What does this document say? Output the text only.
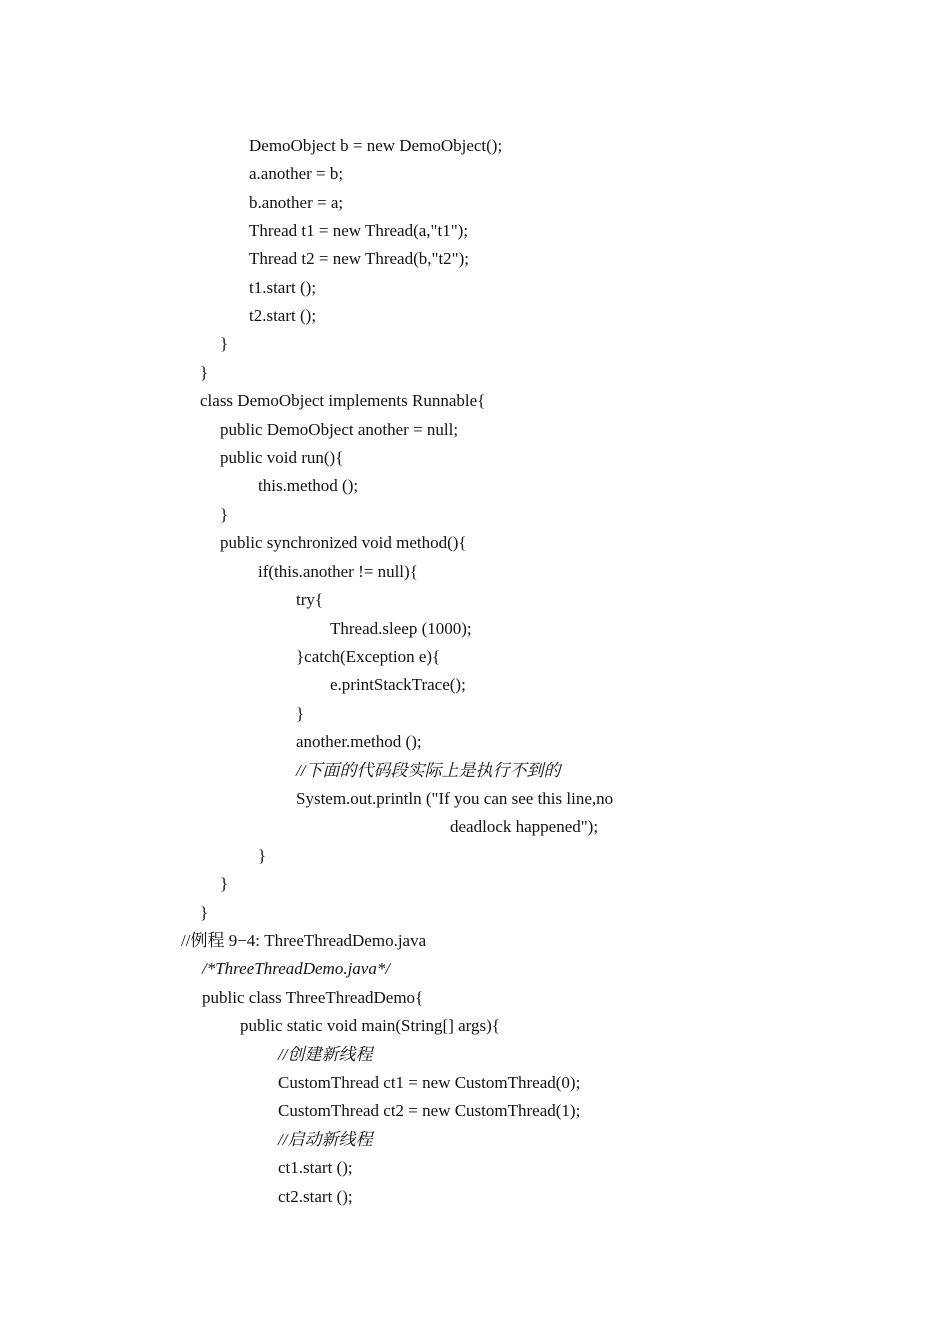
DemoObject b = new DemoObject();
a.another = b;
b.another = a;
Thread t1 = new Thread(a,"t1");
Thread t2 = new Thread(b,"t2");
t1.start ();
t2.start ();
}
}
class DemoObject implements Runnable{
public DemoObject another = null;
public void run(){
this.method ();
}
public synchronized void method(){
if(this.another != null){
try{
Thread.sleep (1000);
}catch(Exception e){
e.printStackTrace();
}
another.method ();
//下面的代码段实际上是执行不到的
System.out.println ("If you can see this line,no
deadlock happened");
}
}
}
//例程 9−4: ThreeThreadDemo.java
/*ThreeThreadDemo.java*/
public class ThreeThreadDemo{
public static void main(String[] args){
//创建新线程
CustomThread ct1 = new CustomThread(0);
CustomThread ct2 = new CustomThread(1);
//启动新线程
ct1.start ();
ct2.start ();
